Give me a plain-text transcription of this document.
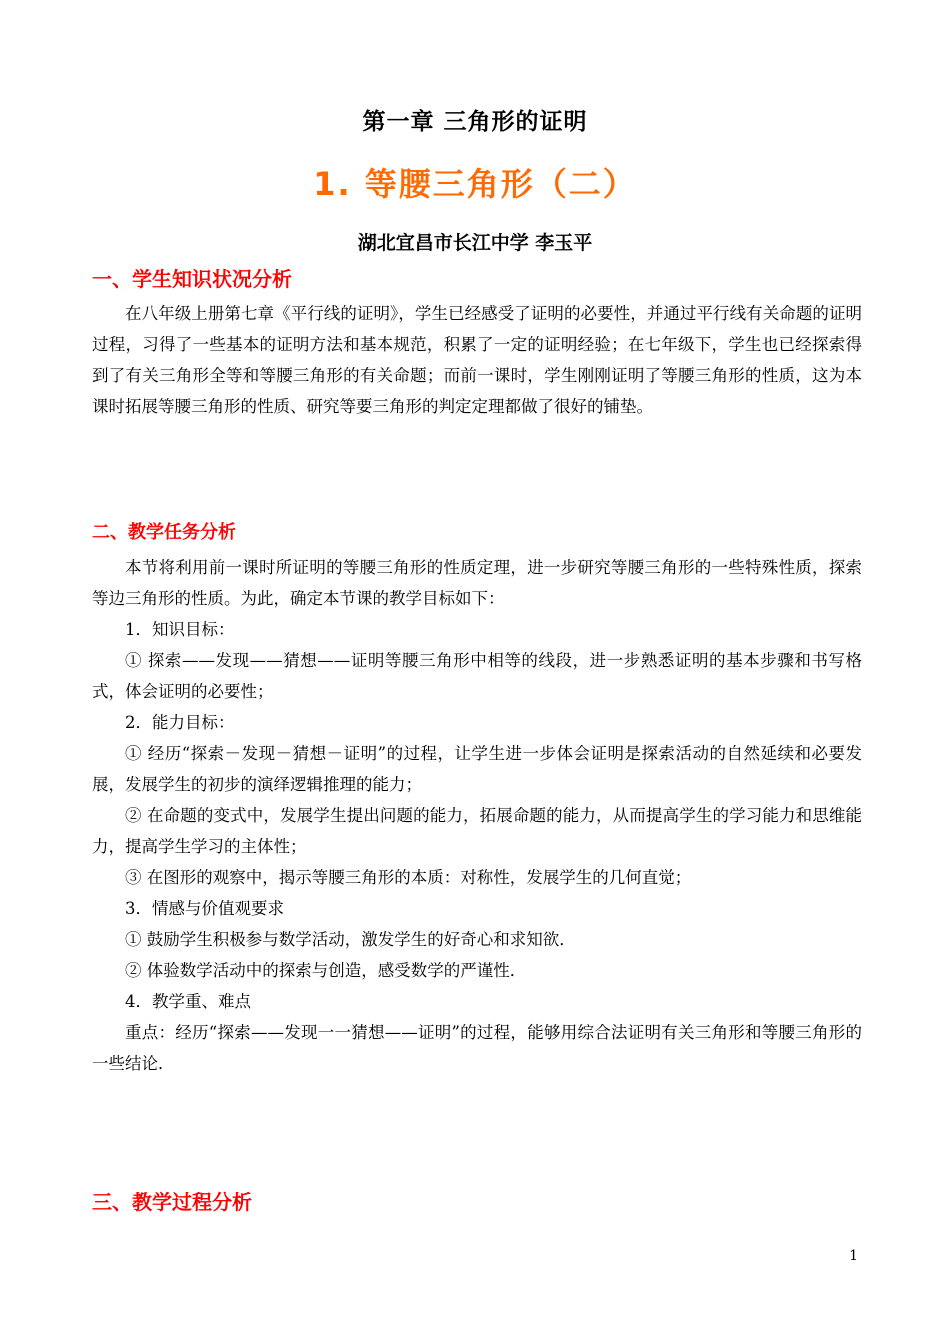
第一章 三角形的证明
1. 等腰三角形（二）
湖北宜昌市长江中学 李玉平
一、学生知识状况分析

在八年级上册第七章《平行线的证明》，学生已经感受了证明的必要性，并通过平行线有关命题的证明过程，习得了一些基本的证明方法和基本规范，积累了一定的证明经验；在七年级下，学生也已经探索得到了有关三角形全等和等腰三角形的有关命题；而前一课时，学生刚刚证明了等腰三角形的性质，这为本课时拓展等腰三角形的性质、研究等要三角形的判定定理都做了很好的铺垫。

二、教学任务分析

本节将利用前一课时所证明的等腰三角形的性质定理，进一步研究等腰三角形的一些特殊性质，探索等边三角形的性质。为此，确定本节课的教学目标如下：

1．知识目标：

① 探索——发现——猜想——证明等腰三角形中相等的线段，进一步熟悉证明的基本步骤和书写格式，体会证明的必要性；

2．能力目标：

① 经历“探索－发现－猜想－证明”的过程，让学生进一步体会证明是探索活动的自然延续和必要发展，发展学生的初步的演绎逻辑推理的能力；

② 在命题的变式中，发展学生提出问题的能力，拓展命题的能力，从而提高学生的学习能力和思维能力，提高学生学习的主体性；

③ 在图形的观察中，揭示等腰三角形的本质：对称性，发展学生的几何直觉；

3．情感与价值观要求

① 鼓励学生积极参与数学活动，激发学生的好奇心和求知欲．

② 体验数学活动中的探索与创造，感受数学的严谨性．

4．教学重、难点

重点：经历“探索——发现一一猜想——证明”的过程，能够用综合法证明有关三角形和等腰三角形的一些结论．

三、教学过程分析
1
